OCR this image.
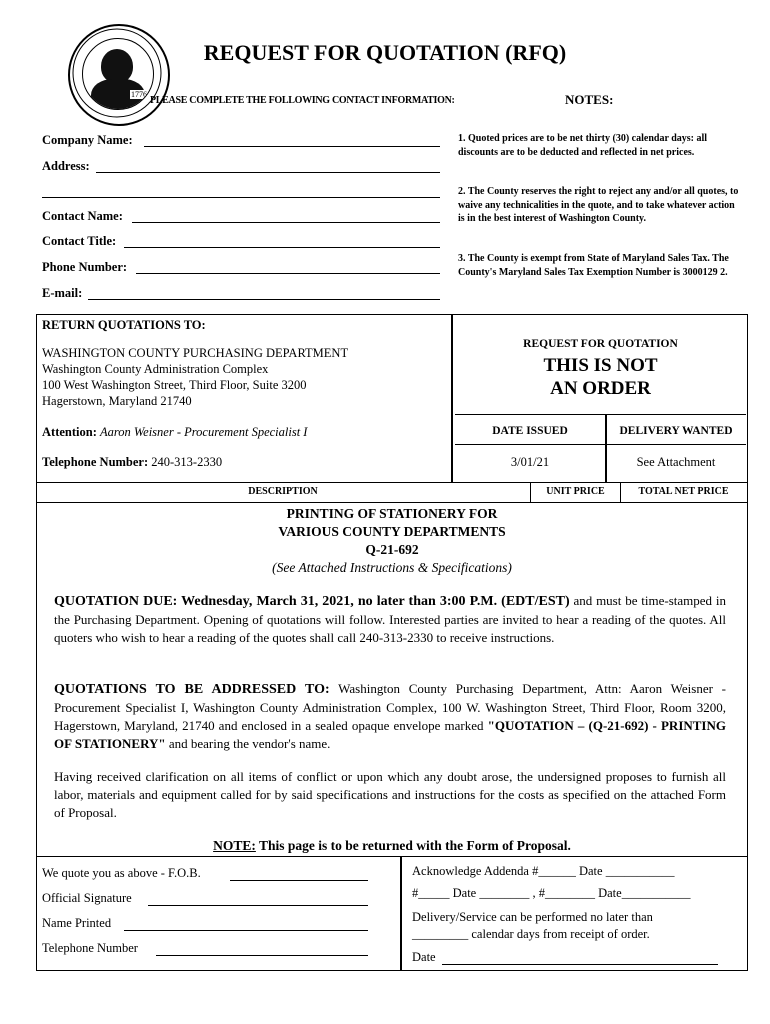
1776
REQUEST FOR QUOTATION (RFQ)
PLEASE COMPLETE THE FOLLOWING CONTACT INFORMATION:	NOTES:
Company Name:
Address:
Contact Name:
Contact Title:
Phone Number:
E-mail:
1. Quoted prices are to be net thirty (30) calendar days: all discounts are to be deducted and reflected in net prices.
2. The County reserves the right to reject any and/or all quotes, to waive any technicalities in the quote, and to take whatever action is in the best interest of Washington County.
3. The County is exempt from State of Maryland Sales Tax. The County's Maryland Sales Tax Exemption Number is 3000129 2.
RETURN QUOTATIONS TO:
WASHINGTON COUNTY PURCHASING DEPARTMENT
Washington County Administration Complex
100 West Washington Street, Third Floor, Suite 3200
Hagerstown, Maryland 21740
Attention: Aaron Weisner - Procurement Specialist I
Telephone Number: 240-313-2330
REQUEST FOR QUOTATION
THIS IS NOT
AN ORDER
DATE ISSUED	DELIVERY WANTED
3/01/21	See Attachment
DESCRIPTION	UNIT PRICE	TOTAL NET PRICE
PRINTING OF STATIONERY FOR
VARIOUS COUNTY DEPARTMENTS
Q-21-692
(See Attached Instructions & Specifications)
QUOTATION DUE: Wednesday, March 31, 2021, no later than 3:00 P.M. (EDT/EST) and must be time-stamped in the Purchasing Department. Opening of quotations will follow. Interested parties are invited to hear a reading of the quotes. All quoters who wish to hear a reading of the quotes shall call 240-313-2330 to receive instructions.
QUOTATIONS TO BE ADDRESSED TO: Washington County Purchasing Department, Attn: Aaron Weisner - Procurement Specialist I, Washington County Administration Complex, 100 W. Washington Street, Third Floor, Room 3200, Hagerstown, Maryland, 21740 and enclosed in a sealed opaque envelope marked "QUOTATION – (Q-21-692) - PRINTING OF STATIONERY" and bearing the vendor's name.
Having received clarification on all items of conflict or upon which any doubt arose, the undersigned proposes to furnish all labor, materials and equipment called for by said specifications and instructions for the costs as specified on the attached Form of Proposal.
NOTE: This page is to be returned with the Form of Proposal.
We quote you as above - F.O.B.
Official Signature
Name Printed
Telephone Number
Acknowledge Addenda #______ Date ___________
#_____ Date ________ , #________ Date___________
Delivery/Service can be performed no later than
_________ calendar days from receipt of order.
Date
